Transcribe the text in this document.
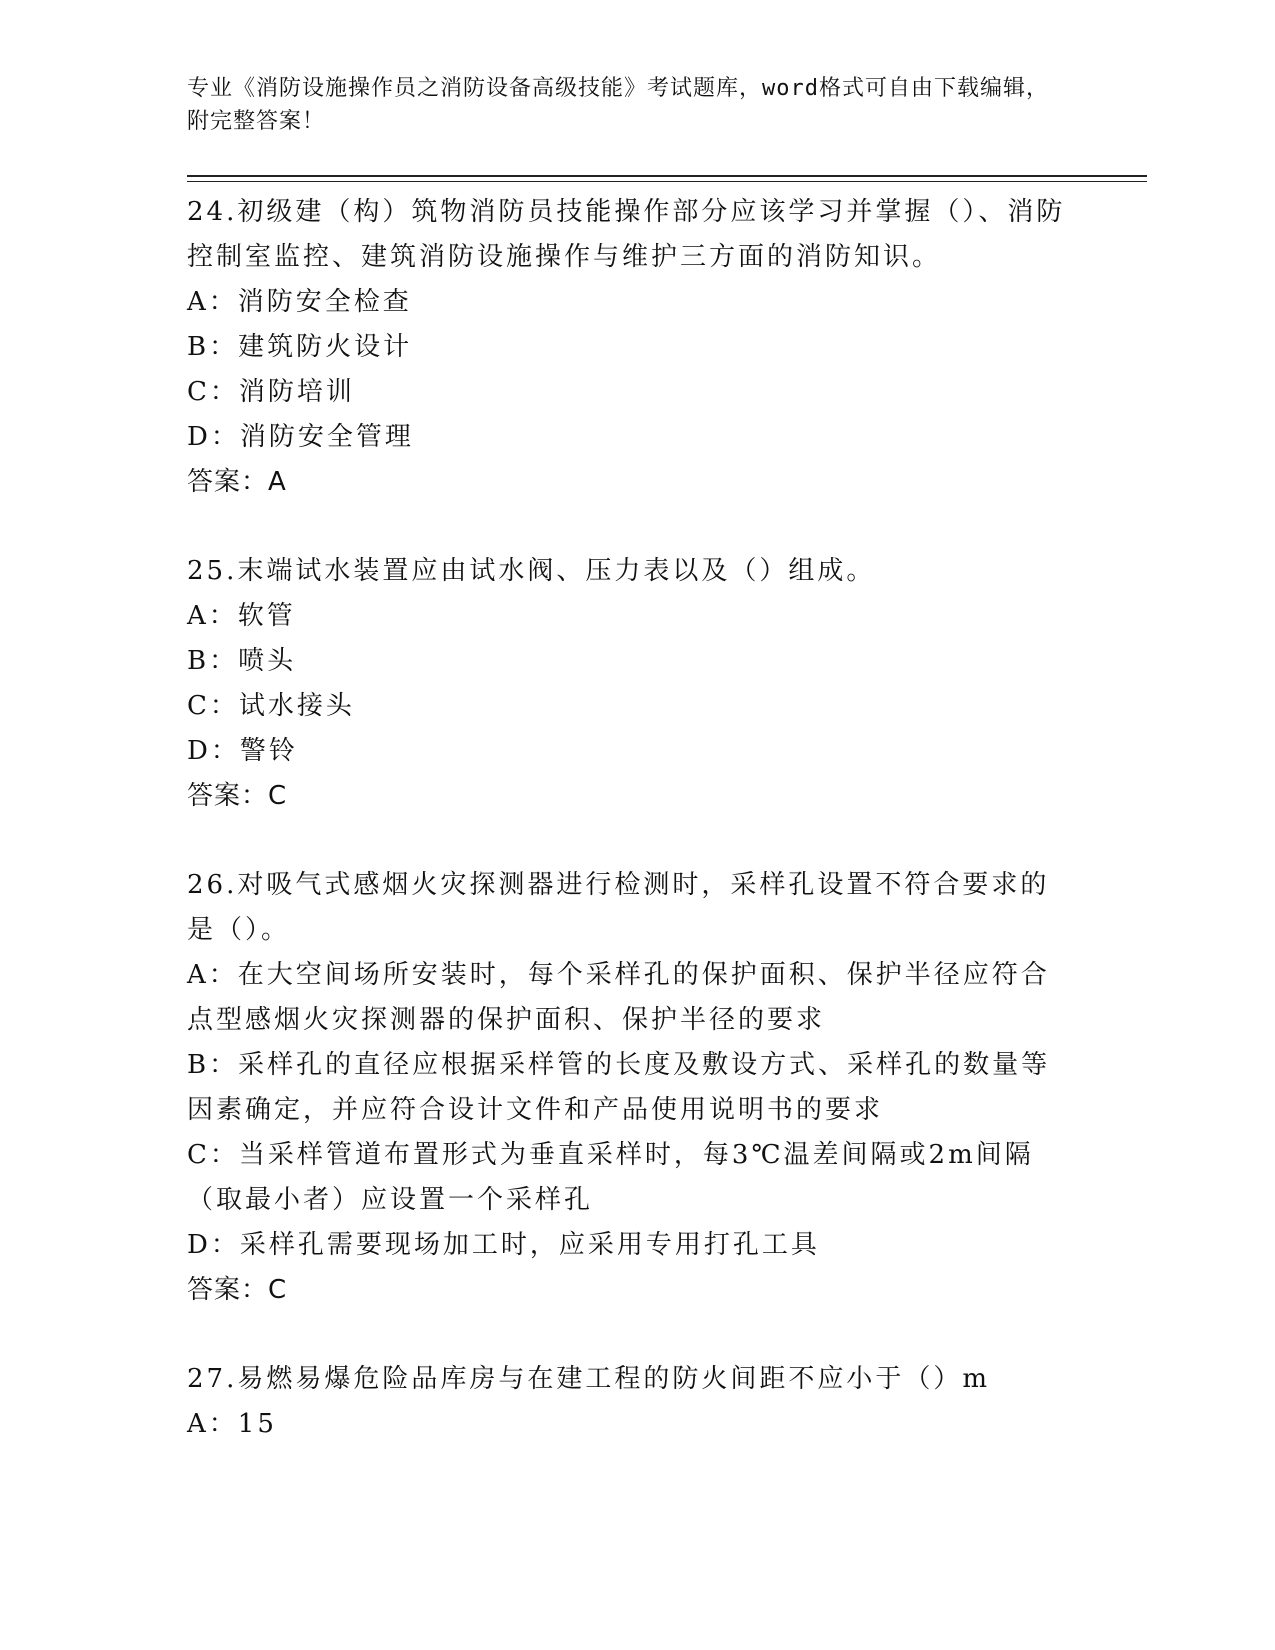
专业《消防设施操作员之消防设备高级技能》考试题库，word格式可自由下载编辑，附完整答案！
24.初级建（构）筑物消防员技能操作部分应该学习并掌握（）、消防控制室监控、建筑消防设施操作与维护三方面的消防知识。
A：消防安全检查
B：建筑防火设计
C：消防培训
D：消防安全管理
答案：A
25.末端试水装置应由试水阀、压力表以及（）组成。
A：软管
B：喷头
C：试水接头
D：警铃
答案：C
26.对吸气式感烟火灾探测器进行检测时，采样孔设置不符合要求的是（）。
A：在大空间场所安装时，每个采样孔的保护面积、保护半径应符合点型感烟火灾探测器的保护面积、保护半径的要求
B：采样孔的直径应根据采样管的长度及敷设方式、采样孔的数量等因素确定，并应符合设计文件和产品使用说明书的要求
C：当采样管道布置形式为垂直采样时，每3℃温差间隔或2m间隔（取最小者）应设置一个采样孔
D：采样孔需要现场加工时，应采用专用打孔工具
答案：C
27.易燃易爆危险品库房与在建工程的防火间距不应小于（）m
A：15
